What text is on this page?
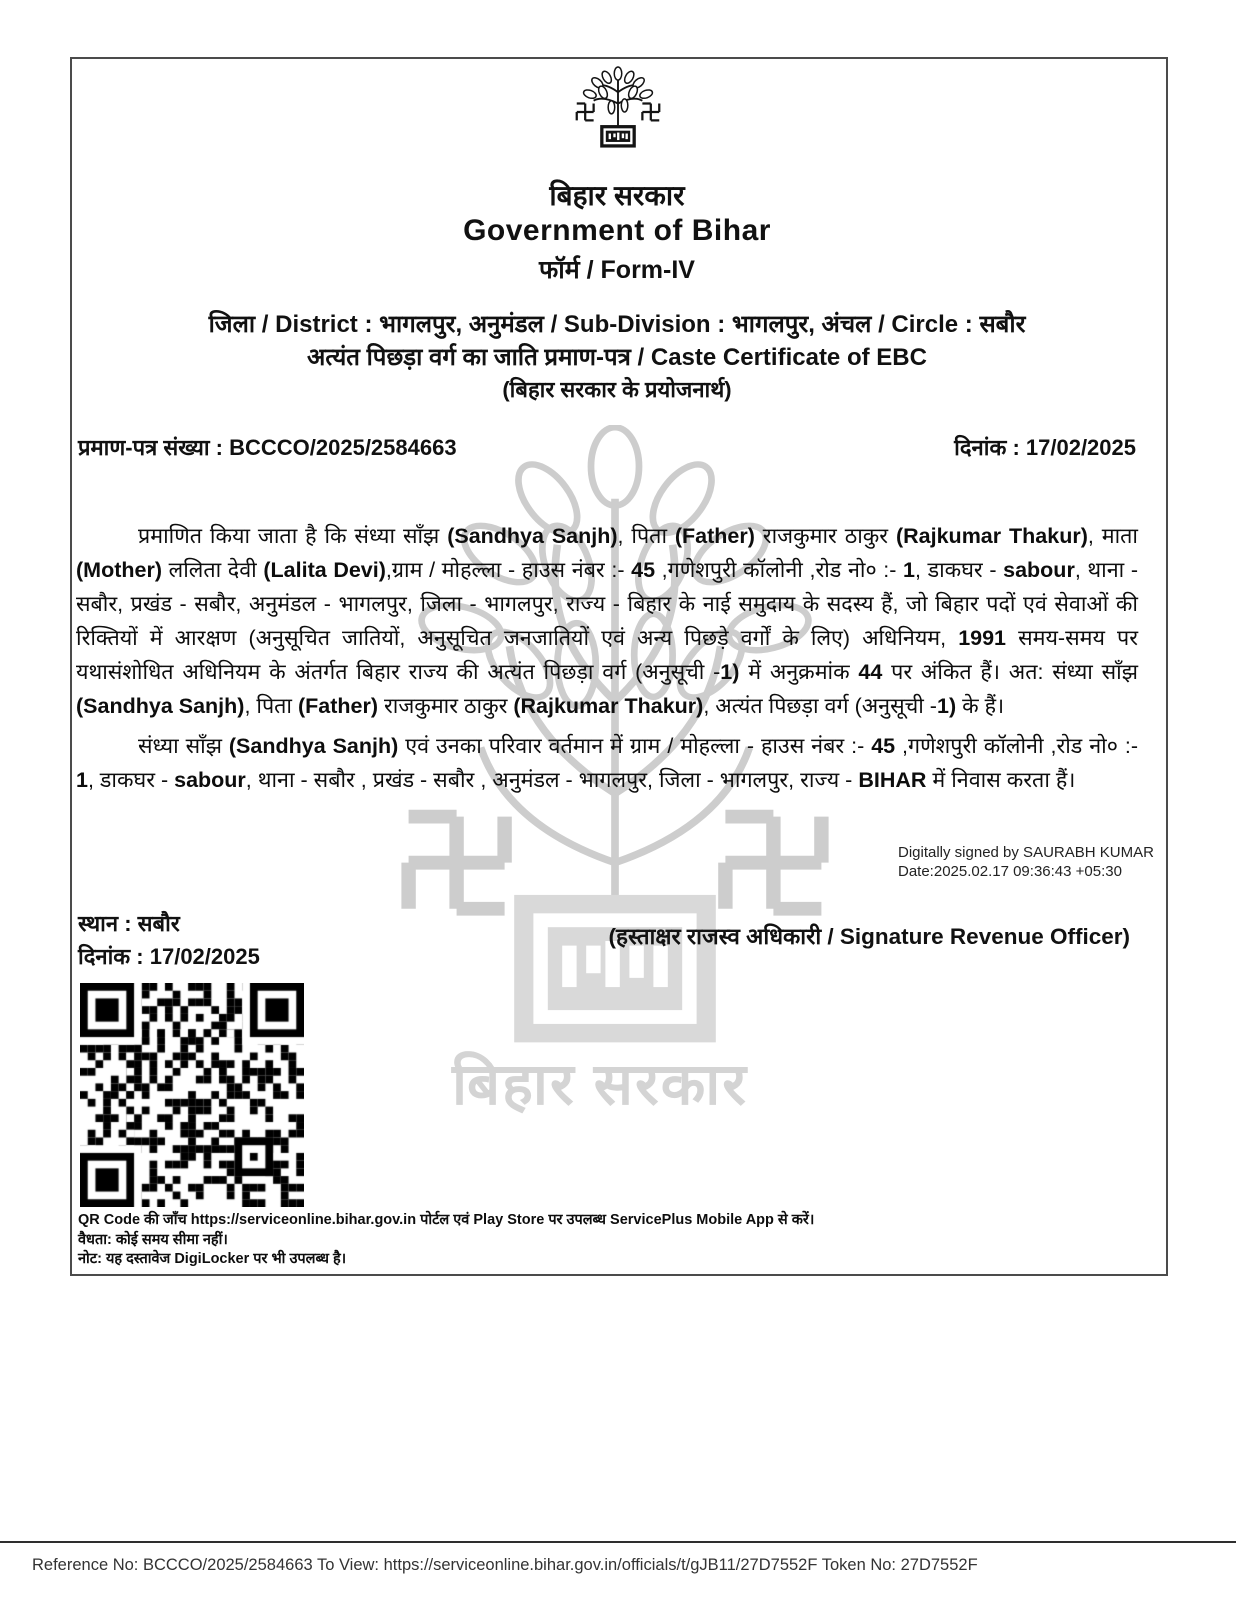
बिहार सरकार
बिहार सरकार
Government of Bihar
फॉर्म / Form-IV
जिला / District : भागलपुर, अनुमंडल / Sub-Division : भागलपुर, अंचल / Circle : सबौर
अत्यंत पिछड़ा वर्ग का जाति प्रमाण-पत्र / Caste Certificate of EBC
(बिहार सरकार के प्रयोजनार्थ)
प्रमाण-पत्र संख्या : BCCCO/2025/2584663	दिनांक : 17/02/2025
प्रमाणित किया जाता है कि संध्या साँझ (Sandhya Sanjh), पिता (Father) राजकुमार ठाकुर (Rajkumar Thakur), माता (Mother) ललिता देवी (Lalita Devi),ग्राम / मोहल्ला - हाउस नंबर :- 45 ,गणेशपुरी कॉलोनी ,रोड नो० :- 1, डाकघर - sabour, थाना - सबौर, प्रखंड - सबौर, अनुमंडल - भागलपुर, जिला - भागलपुर, राज्य - बिहार के नाई समुदाय के सदस्य हैं, जो बिहार पदों एवं सेवाओं की रिक्तियों में आरक्षण (अनुसूचित जातियों, अनुसूचित जनजातियों एवं अन्य पिछड़े वर्गों के लिए) अधिनियम, 1991 समय-समय पर यथासंशोधित अधिनियम के अंतर्गत बिहार राज्य की अत्यंत पिछड़ा वर्ग (अनुसूची -1) में अनुक्रमांक 44 पर अंकित हैं। अत: संध्या साँझ (Sandhya Sanjh), पिता (Father) राजकुमार ठाकुर (Rajkumar Thakur), अत्यंत पिछड़ा वर्ग (अनुसूची -1) के हैं।
संध्या साँझ (Sandhya Sanjh) एवं उनका परिवार वर्तमान में ग्राम / मोहल्ला - हाउस नंबर :- 45 ,गणेशपुरी कॉलोनी ,रोड नो० :- 1, डाकघर - sabour, थाना - सबौर , प्रखंड - सबौर , अनुमंडल - भागलपुर, जिला - भागलपुर, राज्य - BIHAR में निवास करता हैं।
Digitally signed by SAURABH KUMAR
Date:2025.02.17 09:36:43 +05:30
स्थान : सबौर
दिनांक : 17/02/2025
(हस्ताक्षर राजस्व अधिकारी / Signature Revenue Officer)
QR Code की जाँच https://serviceonline.bihar.gov.in पोर्टल एवं Play Store पर उपलब्ध ServicePlus Mobile App से करें।
वैधता: कोई समय सीमा नहीं।
नोट: यह दस्तावेज DigiLocker पर भी उपलब्ध है।
Reference No: BCCCO/2025/2584663 To View: https://serviceonline.bihar.gov.in/officials/t/gJB11/27D7552F Token No: 27D7552F
